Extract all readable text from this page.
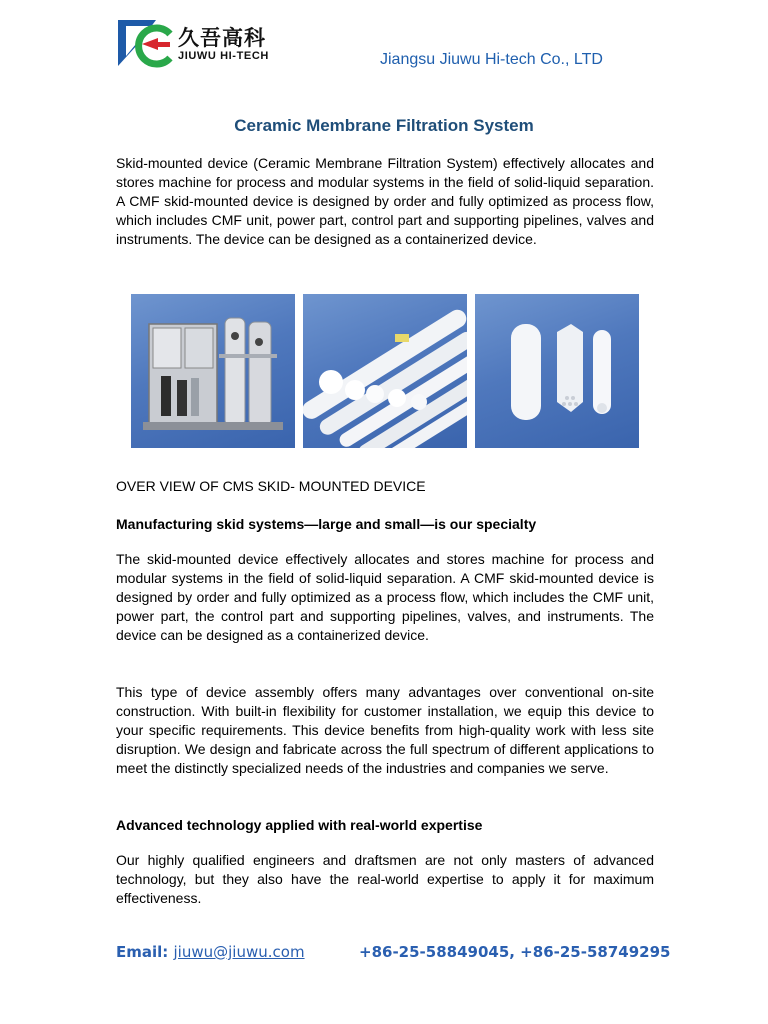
久吾高科
JIUWU HI-TECH	Jiangsu Jiuwu Hi-tech Co., LTD
Ceramic Membrane Filtration System
Skid-mounted device (Ceramic Membrane Filtration System) effectively allocates and stores machine for process and modular systems in the field of solid-liquid separation. A CMF skid-mounted device is designed by order and fully optimized as process flow, which includes CMF unit, power part, control part and supporting pipelines, valves and instruments. The device can be designed as a containerized device.
OVER VIEW OF CMS SKID- MOUNTED DEVICE
Manufacturing skid systems—large and small—is our specialty
The skid-mounted device effectively allocates and stores machine for process and modular systems in the field of solid-liquid separation. A CMF skid-mounted device is designed by order and fully optimized as a process flow, which includes the CMF unit, power part, the control part and supporting pipelines, valves, and instruments. The device can be designed as a containerized device.
This type of device assembly offers many advantages over conventional on-site construction. With built-in flexibility for customer installation, we equip this device to your specific requirements. This device benefits from high-quality work with less site disruption. We design and fabricate across the full spectrum of different applications to meet the distinctly specialized needs of the industries and companies we serve.
Advanced technology applied with real-world expertise
Our highly qualified engineers and draftsmen are not only masters of advanced technology, but they also have the real-world expertise to apply it for maximum effectiveness.
Email: jiuwu@jiuwu.com	+86-25-58849045, +86-25-58749295
